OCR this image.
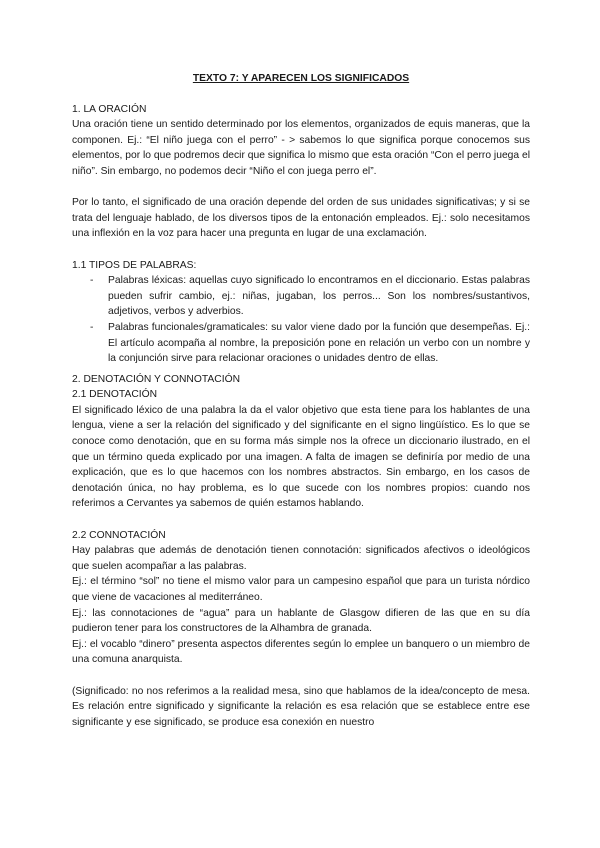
TEXTO 7: Y APARECEN LOS SIGNIFICADOS
1. LA ORACIÓN

Una oración tiene un sentido determinado por los elementos, organizados de equis maneras, que la componen. Ej.: “El niño juega con el perro” - > sabemos lo que significa porque conocemos sus elementos, por lo que podremos decir que significa lo mismo que esta oración “Con el perro juega el niño”. Sin embargo, no podemos decir “Niño el con juega perro el”.

Por lo tanto, el significado de una oración depende del orden de sus unidades significativas; y si se trata del lenguaje hablado, de los diversos tipos de la entonación empleados. Ej.: solo necesitamos una inflexión en la voz para hacer una pregunta en lugar de una exclamación.

1.1 TIPOS DE PALABRAS:
- Palabras léxicas: aquellas cuyo significado lo encontramos en el diccionario. Estas palabras pueden sufrir cambio, ej.: niñas, jugaban, los perros... Son los nombres/sustantivos, adjetivos, verbos y adverbios.
- Palabras funcionales/gramaticales: su valor viene dado por la función que desempeñas. Ej.: El artículo acompaña al nombre, la preposición pone en relación un verbo con un nombre y la conjunción sirve para relacionar oraciones o unidades dentro de ellas.
2. DENOTACIÓN Y CONNOTACIÓN
2.1 DENOTACIÓN

El significado léxico de una palabra la da el valor objetivo que esta tiene para los hablantes de una lengua, viene a ser la relación del significado y del significante en el signo lingüístico. Es lo que se conoce como denotación, que en su forma más simple nos la ofrece un diccionario ilustrado, en el que un término queda explicado por una imagen. A falta de imagen se definiría por medio de una explicación, que es lo que hacemos con los nombres abstractos. Sin embargo, en los casos de denotación única, no hay problema, es lo que sucede con los nombres propios: cuando nos referimos a Cervantes ya sabemos de quién estamos hablando.

2.2 CONNOTACIÓN

Hay palabras que además de denotación tienen connotación: significados afectivos o ideológicos que suelen acompañar a las palabras.

Ej.: el término “sol” no tiene el mismo valor para un campesino español que para un turista nórdico que viene de vacaciones al mediterráneo.

Ej.: las connotaciones de “agua” para un hablante de Glasgow difieren de las que en su día pudieron tener para los constructores de la Alhambra de granada.

Ej.: el vocablo “dinero” presenta aspectos diferentes según lo emplee un banquero o un miembro de una comuna anarquista.

(Significado: no nos referimos a la realidad mesa, sino que hablamos de la idea/concepto de mesa. Es relación entre significado y significante la relación es esa relación que se establece entre ese significante y ese significado, se produce esa conexión en nuestro
